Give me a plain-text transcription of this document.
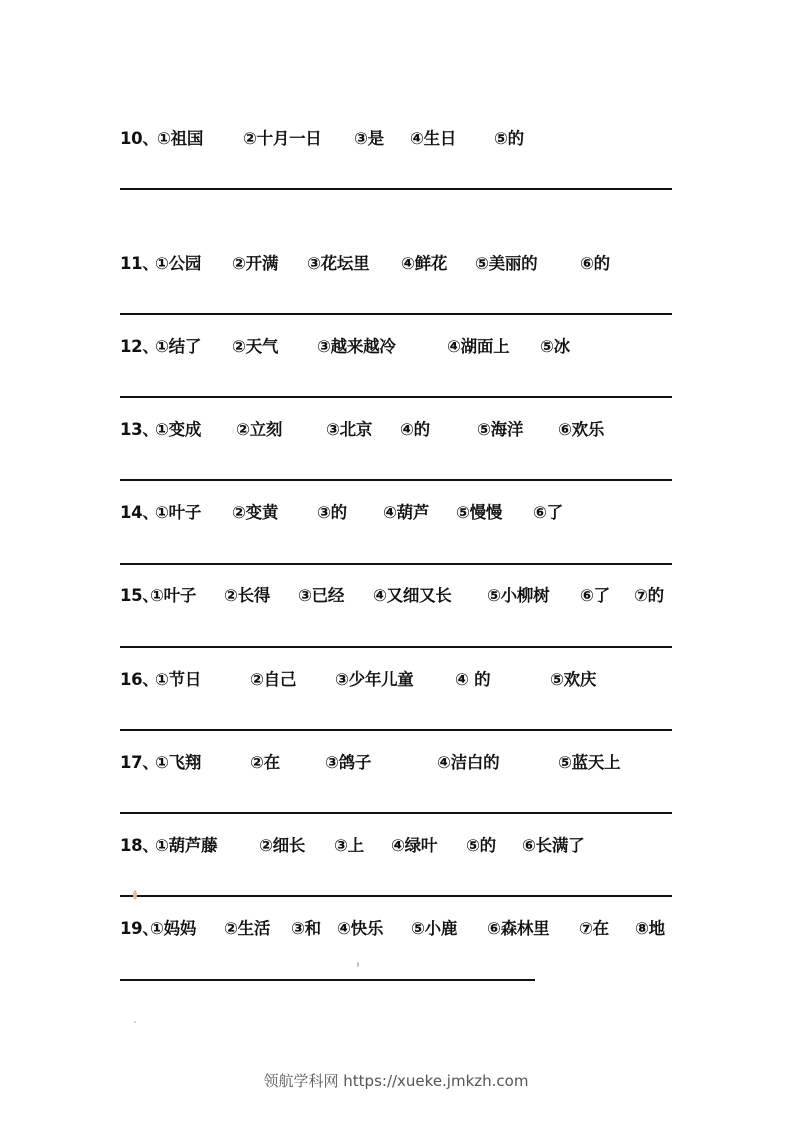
10、
①祖国 ②十月一日 ③是 ④生日 ⑤的
11、
①公园 ②开满 ③花坛里 ④鲜花 ⑤美丽的	⑥的
12、
①结了 ②天气 ③越来越冷	④湖面上 ⑤冰
13、
①变成 ②立刻	③北京 ④的	⑤海洋 ⑥欢乐
14、
①叶子 ②变黄 ③的 ④葫芦 ⑤慢慢 ⑥了
15、
①叶子 ②长得 ③已经 ④又细又长 ⑤小柳树 ⑥了 ⑦的
16、
①节日	②自己 ③少年儿童	④ 的	⑤欢庆
17、
①飞翔	②在	③鸽子	④洁白的	⑤蓝天上
18、
①葫芦藤	②细长 ③上 ④绿叶 ⑤的 ⑥长满了
19、
①妈妈 ②生活 ③和 ④快乐 ⑤小鹿 ⑥森林里 ⑦在 ⑧地
领航学科网 https://xueke.jmkzh.com
